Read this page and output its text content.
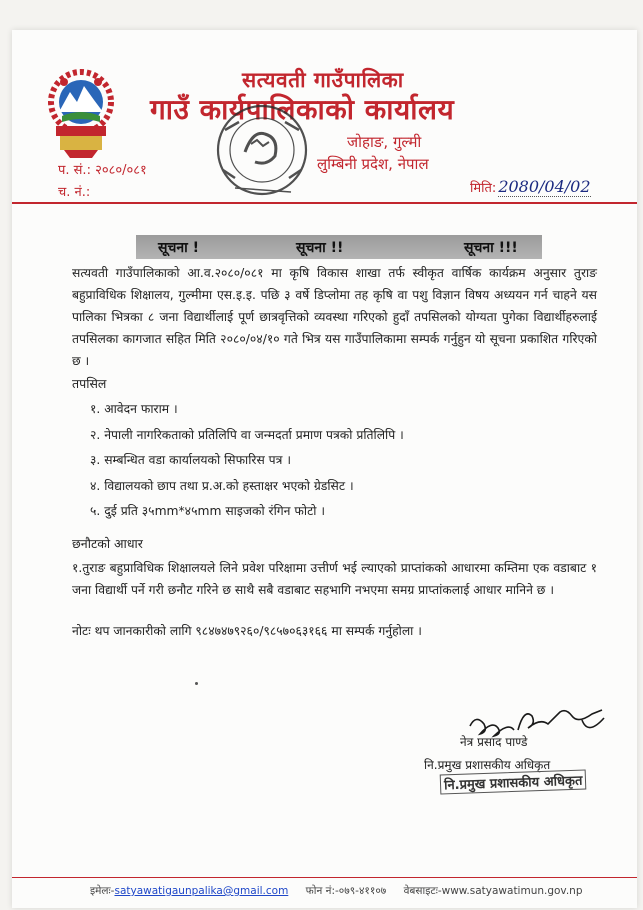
सत्यवती गाउँपालिका
गाउँ कार्यपालिकाको कार्यालय
जोहाङ, गुल्मी
लुम्बिनी प्रदेश, नेपाल
प. सं.: २०८०/०८१
च. नं.:	मिति: 2080/04/02
सूचना !	सूचना !!	सूचना !!!
सत्यवती गाउँपालिकाको आ.व.२०८०/०८१ मा कृषि विकास शाखा तर्फ स्वीकृत वार्षिक कार्यक्रम अनुसार तुराङ बहुप्राविधिक शिक्षालय, गुल्मीमा एस.इ.इ. पछि ३ वर्षे डिप्लोमा तह कृषि वा पशु विज्ञान विषय अध्ययन गर्न चाहने यस पालिका भित्रका ८ जना विद्यार्थीलाई पूर्ण छात्रवृत्तिको व्यवस्था गरिएको हुदाँ तपसिलको योग्यता पुगेका विद्यार्थीहरुलाई तपसिलका कागजात सहित मिति २०८०/०४/१० गते भित्र यस गाउँपालिकामा सम्पर्क गर्नुहुन यो सूचना प्रकाशित गरिएको छ ।
तपसिल
१. आवेदन फाराम ।
२. नेपाली नागरिकताको प्रतिलिपि वा जन्मदर्ता प्रमाण पत्रको प्रतिलिपि ।
३. सम्बन्धित वडा कार्यालयको सिफारिस पत्र ।
४. विद्यालयको छाप तथा प्र.अ.को हस्ताक्षर भएको ग्रेडसिट ।
५. दुई प्रति ३५mm*४५mm साइजको रंगिन फोटो ।
छनौटको आधार
१.तुराङ बहुप्राविधिक शिक्षालयले लिने प्रवेश परिक्षामा उत्तीर्ण भई ल्याएको प्राप्तांकको आधारमा कम्तिमा एक वडाबाट १ जना विद्यार्थी पर्ने गरी छनौट गरिने छ साथै सबै वडाबाट सहभागि नभएमा समग्र प्राप्तांकलाई आधार मानिने छ ।
नोटः थप जानकारीको लागि ९८४७४७९२६०/९८५७०६३१६६ मा सम्पर्क गर्नुहोला ।
नेत्र प्रसाद पाण्डे
नि.प्रमुख प्रशासकीय अधिकृत
नि.प्रमुख प्रशासकीय अधिकृत
इमेलः-satyawatigaunpalika@gmail.com फोन नं:-०७९-४११०७ वेबसाइटः-www.satyawatimun.gov.np
